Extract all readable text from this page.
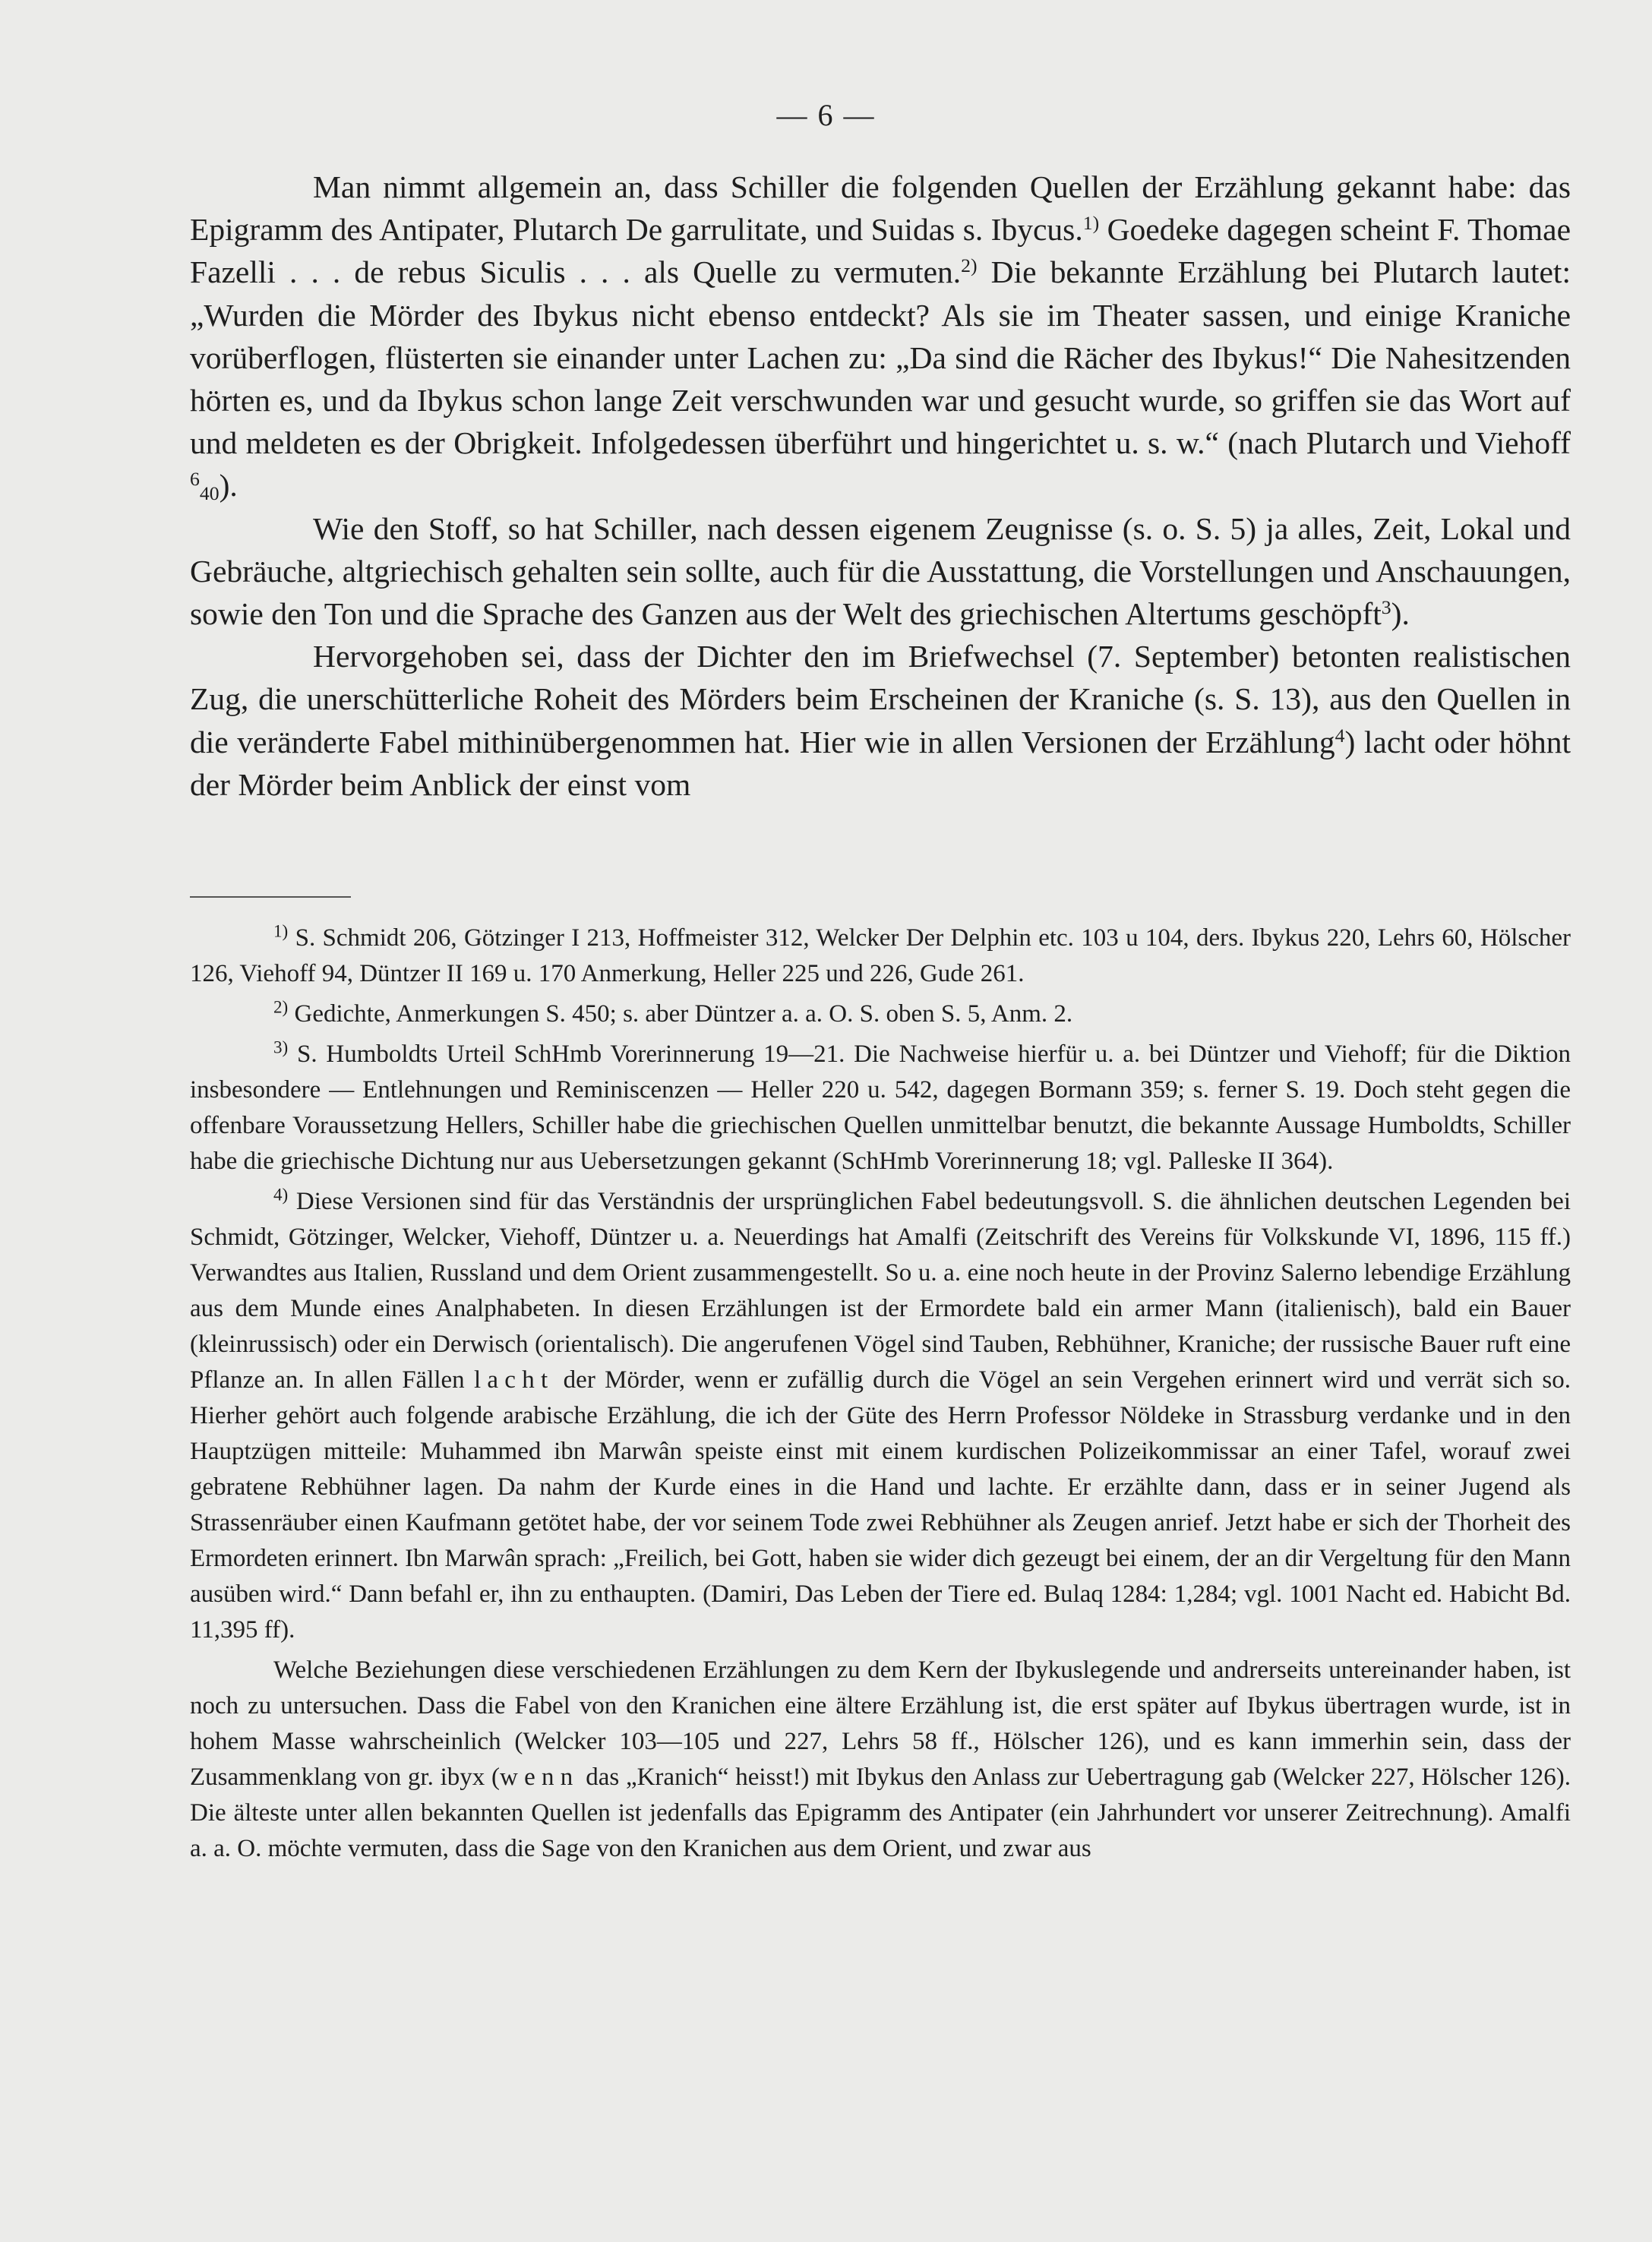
— 6 —

Man nimmt allgemein an, dass Schiller die folgenden Quellen der Erzählung gekannt habe: das Epigramm des Antipater, Plutarch De garrulitate, und Suidas s. Ibycus.$^{1)}$ Goedeke dagegen scheint F. Thomae Fazelli . . . de rebus Siculis . . . als Quelle zu vermuten.$^{2)}$ Die bekannte Erzählung bei Plutarch lautet: „Wurden die Mörder des Ibykus nicht ebenso entdeckt? Als sie im Theater sassen, und einige Kraniche vorüberflogen, flüsterten sie einander unter Lachen zu: „Da sind die Rächer des Ibykus!“ Die Nahesitzenden hörten es, und da Ibykus schon lange Zeit verschwunden war und gesucht wurde, so griffen sie das Wort auf und meldeten es der Obrigkeit. Infolgedessen überführt und hingerichtet u. s. w.“ (nach Plutarch und Viehoff $^6_{40}$).

Wie den Stoff, so hat Schiller, nach dessen eigenem Zeugnisse (s. o. S. 5) ja alles, Zeit, Lokal und Gebräuche, altgriechisch gehalten sein sollte, auch für die Ausstattung, die Vorstellungen und Anschauungen, sowie den Ton und die Sprache des Ganzen aus der Welt des griechischen Altertums geschöpft$^3$).

Hervorgehoben sei, dass der Dichter den im Briefwechsel (7. September) betonten realistischen Zug, die unerschütterliche Roheit des Mörders beim Erscheinen der Kraniche (s. S. 13), aus den Quellen in die veränderte Fabel mithinübergenommen hat. Hier wie in allen Versionen der Erzählung$^4$) lacht oder höhnt der Mörder beim Anblick der einst vom

$^{1)}$ S. Schmidt 206, Götzinger I 213, Hoffmeister 312, Welcker Der Delphin etc. 103 u 104, ders. Ibykus 220, Lehrs 60, Hölscher 126, Viehoff 94, Düntzer II 169 u. 170 Anmerkung, Heller 225 und 226, Gude 261.

$^{2)}$ Gedichte, Anmerkungen S. 450; s. aber Düntzer a. a. O. S. oben S. 5, Anm. 2.

$^{3)}$ S. Humboldts Urteil SchHmb Vorerinnerung 19—21. Die Nachweise hierfür u. a. bei Düntzer und Viehoff; für die Diktion insbesondere — Entlehnungen und Reminiscenzen — Heller 220 u. 542, dagegen Bormann 359; s. ferner S. 19. Doch steht gegen die offenbare Voraussetzung Hellers, Schiller habe die griechischen Quellen unmittelbar benutzt, die bekannte Aussage Humboldts, Schiller habe die griechische Dichtung nur aus Uebersetzungen gekannt (SchHmb Vorerinnerung 18; vgl. Palleske II 364).

$^{4)}$ Diese Versionen sind für das Verständnis der ursprünglichen Fabel bedeutungsvoll. S. die ähnlichen deutschen Legenden bei Schmidt, Götzinger, Welcker, Viehoff, Düntzer u. a. Neuerdings hat Amalfi (Zeitschrift des Vereins für Volkskunde VI, 1896, 115 ff.) Verwandtes aus Italien, Russland und dem Orient zusammengestellt. So u. a. eine noch heute in der Provinz Salerno lebendige Erzählung aus dem Munde eines Analphabeten. In diesen Erzählungen ist der Ermordete bald ein armer Mann (italienisch), bald ein Bauer (kleinrussisch) oder ein Derwisch (orientalisch). Die angerufenen Vögel sind Tauben, Rebhühner, Kraniche; der russische Bauer ruft eine Pflanze an. In allen Fällen lacht der Mörder, wenn er zufällig durch die Vögel an sein Vergehen erinnert wird und verrät sich so. Hierher gehört auch folgende arabische Erzählung, die ich der Güte des Herrn Professor Nöldeke in Strassburg verdanke und in den Hauptzügen mitteile: Muhammed ibn Marwân speiste einst mit einem kurdischen Polizeikommissar an einer Tafel, worauf zwei gebratene Rebhühner lagen. Da nahm der Kurde eines in die Hand und lachte. Er erzählte dann, dass er in seiner Jugend als Strassenräuber einen Kaufmann getötet habe, der vor seinem Tode zwei Rebhühner als Zeugen anrief. Jetzt habe er sich der Thorheit des Ermordeten erinnert. Ibn Marwân sprach: „Freilich, bei Gott, haben sie wider dich gezeugt bei einem, der an dir Vergeltung für den Mann ausüben wird.“ Dann befahl er, ihn zu enthaupten. (Damiri, Das Leben der Tiere ed. Bulaq 1284: 1,284; vgl. 1001 Nacht ed. Habicht Bd. 11,395 ff).

Welche Beziehungen diese verschiedenen Erzählungen zu dem Kern der Ibykuslegende und andrerseits untereinander haben, ist noch zu untersuchen. Dass die Fabel von den Kranichen eine ältere Erzählung ist, die erst später auf Ibykus übertragen wurde, ist in hohem Masse wahrscheinlich (Welcker 103—105 und 227, Lehrs 58 ff., Hölscher 126), und es kann immerhin sein, dass der Zusammenklang von gr. ibyx (wenn das „Kranich“ heisst!) mit Ibykus den Anlass zur Uebertragung gab (Welcker 227, Hölscher 126). Die älteste unter allen bekannten Quellen ist jedenfalls das Epigramm des Antipater (ein Jahrhundert vor unserer Zeitrechnung). Amalfi a. a. O. möchte vermuten, dass die Sage von den Kranichen aus dem Orient, und zwar aus
